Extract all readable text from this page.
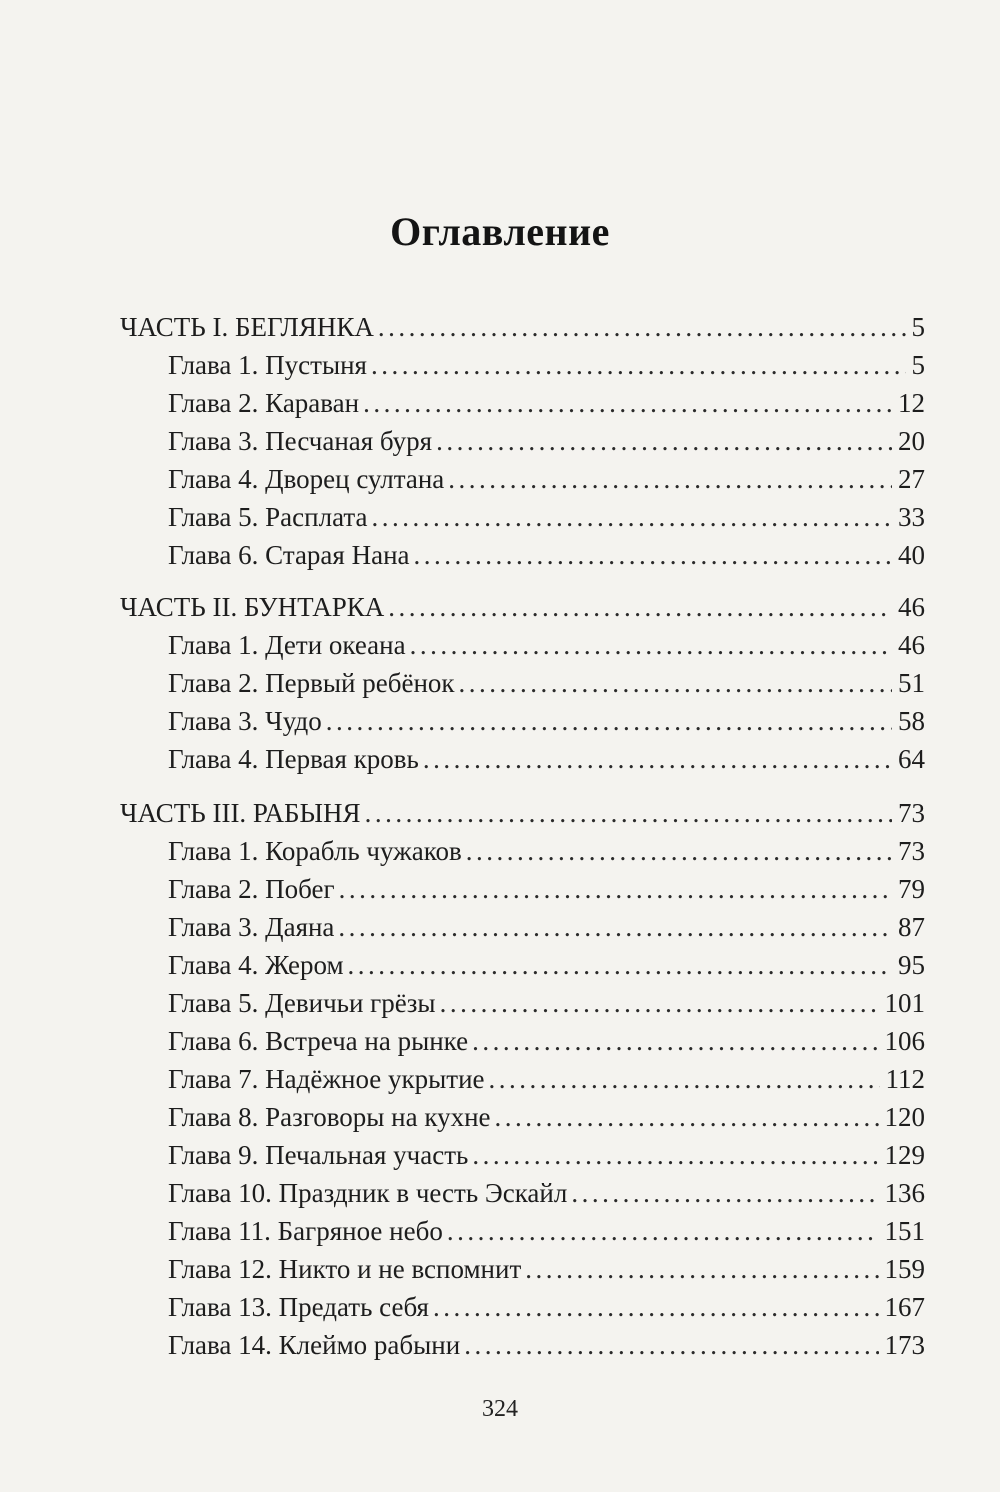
Оглавление
ЧАСТЬ I. БЕГЛЯНКА .....	5
Глава 1. Пустыня .....	5
Глава 2. Караван .....	12
Глава 3. Песчаная буря .....	20
Глава 4. Дворец султана .....	27
Глава 5. Расплата .....	33
Глава 6. Старая Нана .....	40
ЧАСТЬ II. БУНТАРКА .....	46
Глава 1. Дети океана .....	46
Глава 2. Первый ребёнок .....	51
Глава 3. Чудо .....	58
Глава 4. Первая кровь .....	64
ЧАСТЬ III. РАБЫНЯ .....	73
Глава 1. Корабль чужаков .....	73
Глава 2. Побег .....	79
Глава 3. Даяна .....	87
Глава 4. Жером .....	95
Глава 5. Девичьи грёзы .....	101
Глава 6. Встреча на рынке .....	106
Глава 7. Надёжное укрытие .....	112
Глава 8. Разговоры на кухне .....	120
Глава 9. Печальная участь .....	129
Глава 10. Праздник в честь Эскайл .....	136
Глава 11. Багряное небо .....	151
Глава 12. Никто и не вспомнит .....	159
Глава 13. Предать себя .....	167
Глава 14. Клеймо рабыни .....	173
324
